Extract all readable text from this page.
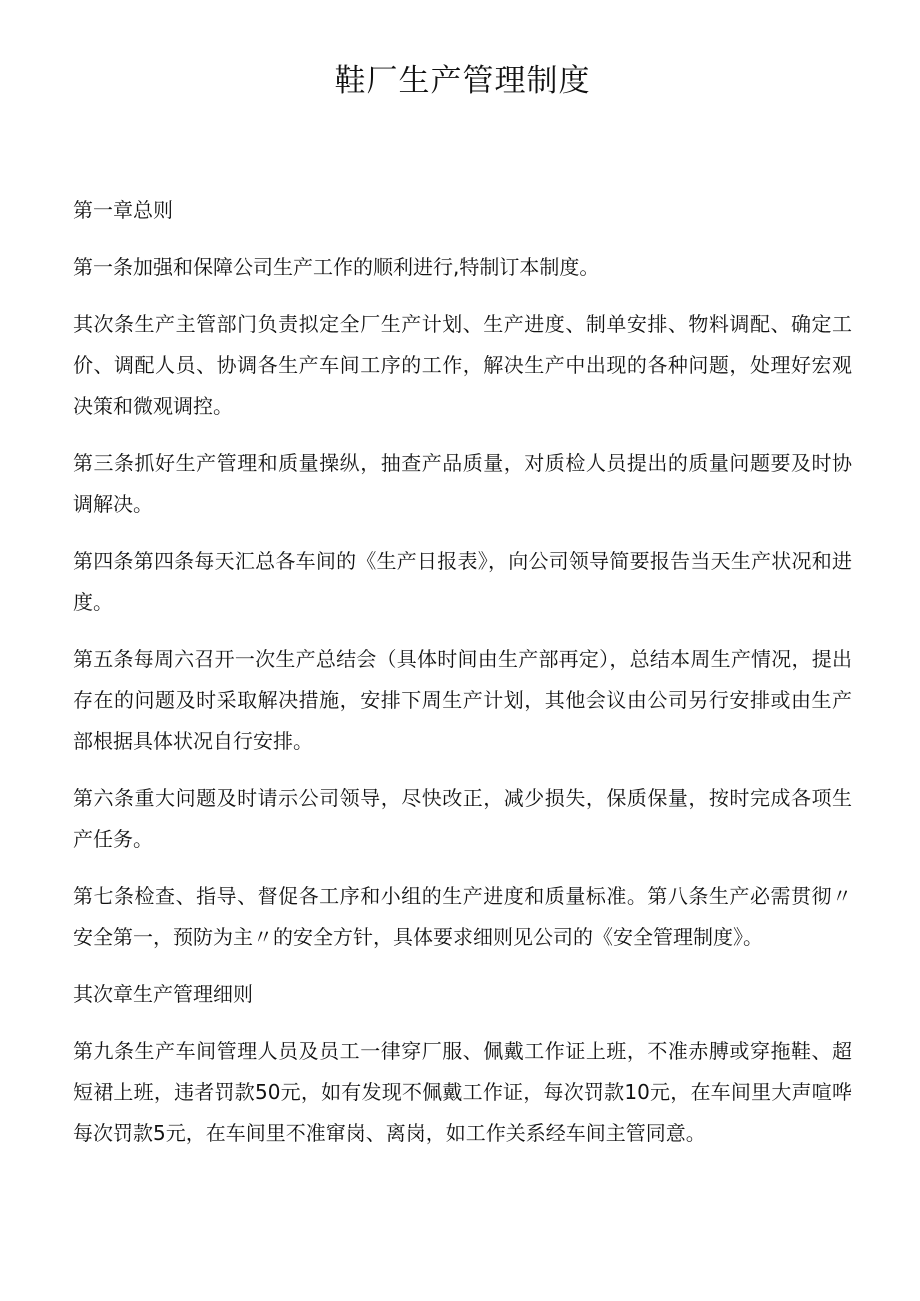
鞋厂生产管理制度

第一章总则

第一条加强和保障公司生产工作的顺利进行,特制订本制度。

其次条生产主管部门负责拟定全厂生产计划、生产进度、制单安排、物料调配、确定工价、调配人员、协调各生产车间工序的工作，解决生产中出现的各种问题，处理好宏观决策和微观调控。

第三条抓好生产管理和质量操纵，抽查产品质量，对质检人员提出的质量问题要及时协调解决。

第四条第四条每天汇总各车间的《生产日报表》，向公司领导简要报告当天生产状况和进度。

第五条每周六召开一次生产总结会（具体时间由生产部再定），总结本周生产情况，提出存在的问题及时采取解决措施，安排下周生产计划，其他会议由公司另行安排或由生产部根据具体状况自行安排。

第六条重大问题及时请示公司领导，尽快改正，减少损失，保质保量，按时完成各项生产任务。

第七条检查、指导、督促各工序和小组的生产进度和质量标准。第八条生产必需贯彻〃安全第一，预防为主〃的安全方针，具体要求细则见公司的《安全管理制度》。

其次章生产管理细则

第九条生产车间管理人员及员工一律穿厂服、佩戴工作证上班，不准赤膊或穿拖鞋、超短裙上班，违者罚款50元，如有发现不佩戴工作证，每次罚款10元，在车间里大声喧哗每次罚款5元，在车间里不准窜岗、离岗，如工作关系经车间主管同意。
